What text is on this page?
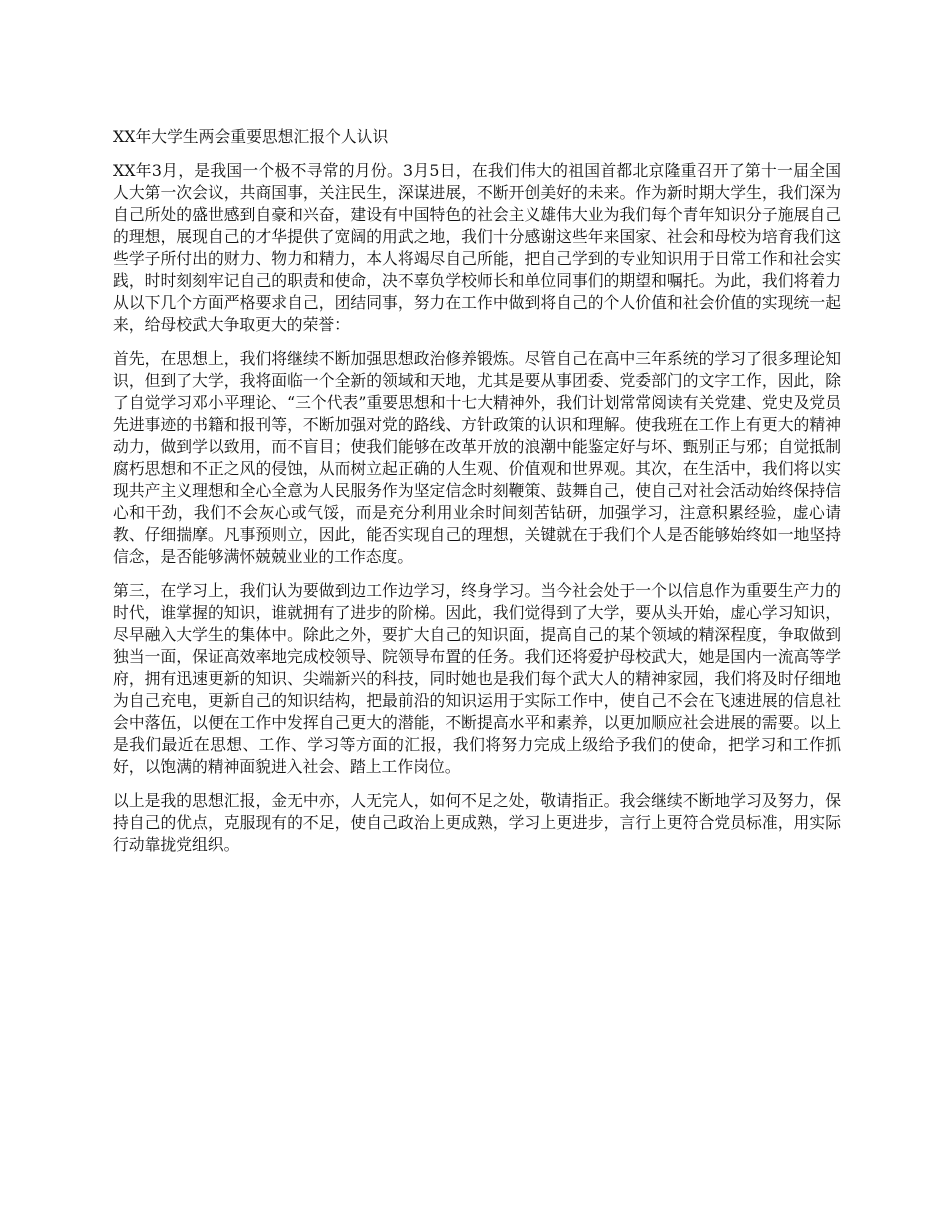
XX年大学生两会重要思想汇报个人认识

XX年3月，是我国一个极不寻常的月份。3月5日，在我们伟大的祖国首都北京隆重召开了第十一届全国人大第一次会议，共商国事，关注民生，深谋进展，不断开创美好的未来。作为新时期大学生，我们深为自己所处的盛世感到自豪和兴奋，建设有中国特色的社会主义雄伟大业为我们每个青年知识分子施展自己的理想，展现自己的才华提供了宽阔的用武之地，我们十分感谢这些年来国家、社会和母校为培育我们这些学子所付出的财力、物力和精力，本人将竭尽自己所能，把自己学到的专业知识用于日常工作和社会实践，时时刻刻牢记自己的职责和使命，决不辜负学校师长和单位同事们的期望和嘱托。为此，我们将着力从以下几个方面严格要求自己，团结同事，努力在工作中做到将自己的个人价值和社会价值的实现统一起来，给母校武大争取更大的荣誉：

首先，在思想上，我们将继续不断加强思想政治修养锻炼。尽管自己在高中三年系统的学习了很多理论知识，但到了大学，我将面临一个全新的领域和天地，尤其是要从事团委、党委部门的文字工作，因此，除了自觉学习邓小平理论、“三个代表”重要思想和十七大精神外，我们计划常常阅读有关党建、党史及党员先进事迹的书籍和报刊等，不断加强对党的路线、方针政策的认识和理解。使我班在工作上有更大的精神动力，做到学以致用，而不盲目；使我们能够在改革开放的浪潮中能鉴定好与坏、甄别正与邪；自觉抵制腐朽思想和不正之风的侵蚀，从而树立起正确的人生观、价值观和世界观。其次，在生活中，我们将以实现共产主义理想和全心全意为人民服务作为坚定信念时刻鞭策、鼓舞自己，使自己对社会活动始终保持信心和干劲，我们不会灰心或气馁，而是充分利用业余时间刻苦钻研，加强学习，注意积累经验，虚心请教、仔细揣摩。凡事预则立，因此，能否实现自己的理想，关键就在于我们个人是否能够始终如一地坚持信念，是否能够满怀兢兢业业的工作态度。

第三，在学习上，我们认为要做到边工作边学习，终身学习。当今社会处于一个以信息作为重要生产力的时代，谁掌握的知识，谁就拥有了进步的阶梯。因此，我们觉得到了大学，要从头开始，虚心学习知识，尽早融入大学生的集体中。除此之外，要扩大自己的知识面，提高自己的某个领域的精深程度，争取做到独当一面，保证高效率地完成校领导、院领导布置的任务。我们还将爱护母校武大，她是国内一流高等学府，拥有迅速更新的知识、尖端新兴的科技，同时她也是我们每个武大人的精神家园，我们将及时仔细地为自己充电，更新自己的知识结构，把最前沿的知识运用于实际工作中，使自己不会在飞速进展的信息社会中落伍，以便在工作中发挥自己更大的潜能，不断提高水平和素养，以更加顺应社会进展的需要。以上是我们最近在思想、工作、学习等方面的汇报，我们将努力完成上级给予我们的使命，把学习和工作抓好，以饱满的精神面貌进入社会、踏上工作岗位。

以上是我的思想汇报，金无中亦，人无完人，如何不足之处，敬请指正。我会继续不断地学习及努力，保持自己的优点，克服现有的不足，使自己政治上更成熟，学习上更进步，言行上更符合党员标准，用实际行动靠拢党组织。
